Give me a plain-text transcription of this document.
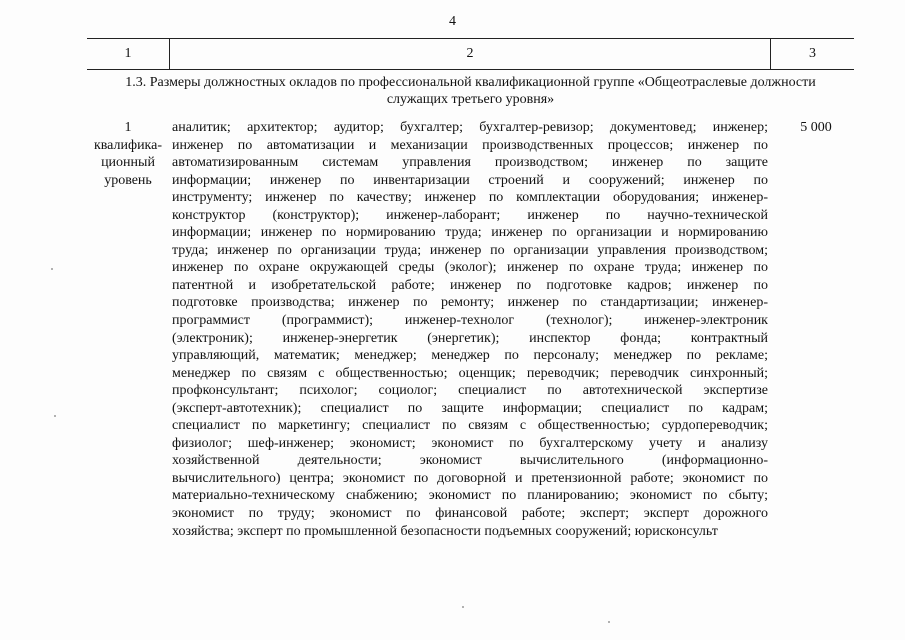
4
1	2	3
1.3. Размеры должностных окладов по профессиональной квалификационной группе «Общеотраслевые должности
служащих третьего уровня»
1
квалифика-
ционный
уровень
аналитик; архитектор; аудитор; бухгалтер; бухгалтер-ревизор; документовед; инженер;
инженер по автоматизации и механизации производственных процессов; инженер по
автоматизированным системам управления производством; инженер по защите
информации; инженер по инвентаризации строений и сооружений; инженер по
инструменту; инженер по качеству; инженер по комплектации оборудования; инженер-
конструктор (конструктор); инженер-лаборант; инженер по научно-технической
информации; инженер по нормированию труда; инженер по организации и нормированию
труда; инженер по организации труда; инженер по организации управления производством;
инженер по охране окружающей среды (эколог); инженер по охране труда; инженер по
патентной и изобретательской работе; инженер по подготовке кадров; инженер по
подготовке производства; инженер по ремонту; инженер по стандартизации; инженер-
программист (программист); инженер-технолог (технолог); инженер-электроник
(электроник); инженер-энергетик (энергетик); инспектор фонда; контрактный
управляющий, математик; менеджер; менеджер по персоналу; менеджер по рекламе;
менеджер по связям с общественностью; оценщик; переводчик; переводчик синхронный;
профконсультант; психолог; социолог; специалист по автотехнической экспертизе
(эксперт-автотехник); специалист по защите информации; специалист по кадрам;
специалист по маркетингу; специалист по связям с общественностью; сурдопереводчик;
физиолог; шеф-инженер; экономист; экономист по бухгалтерскому учету и анализу
хозяйственной деятельности; экономист вычислительного (информационно-
вычислительного) центра; экономист по договорной и претензионной работе; экономист по
материально-техническому снабжению; экономист по планированию; экономист по сбыту;
экономист по труду; экономист по финансовой работе; эксперт; эксперт дорожного
хозяйства; эксперт по промышленной безопасности подъемных сооружений; юрисконсульт
5 000
